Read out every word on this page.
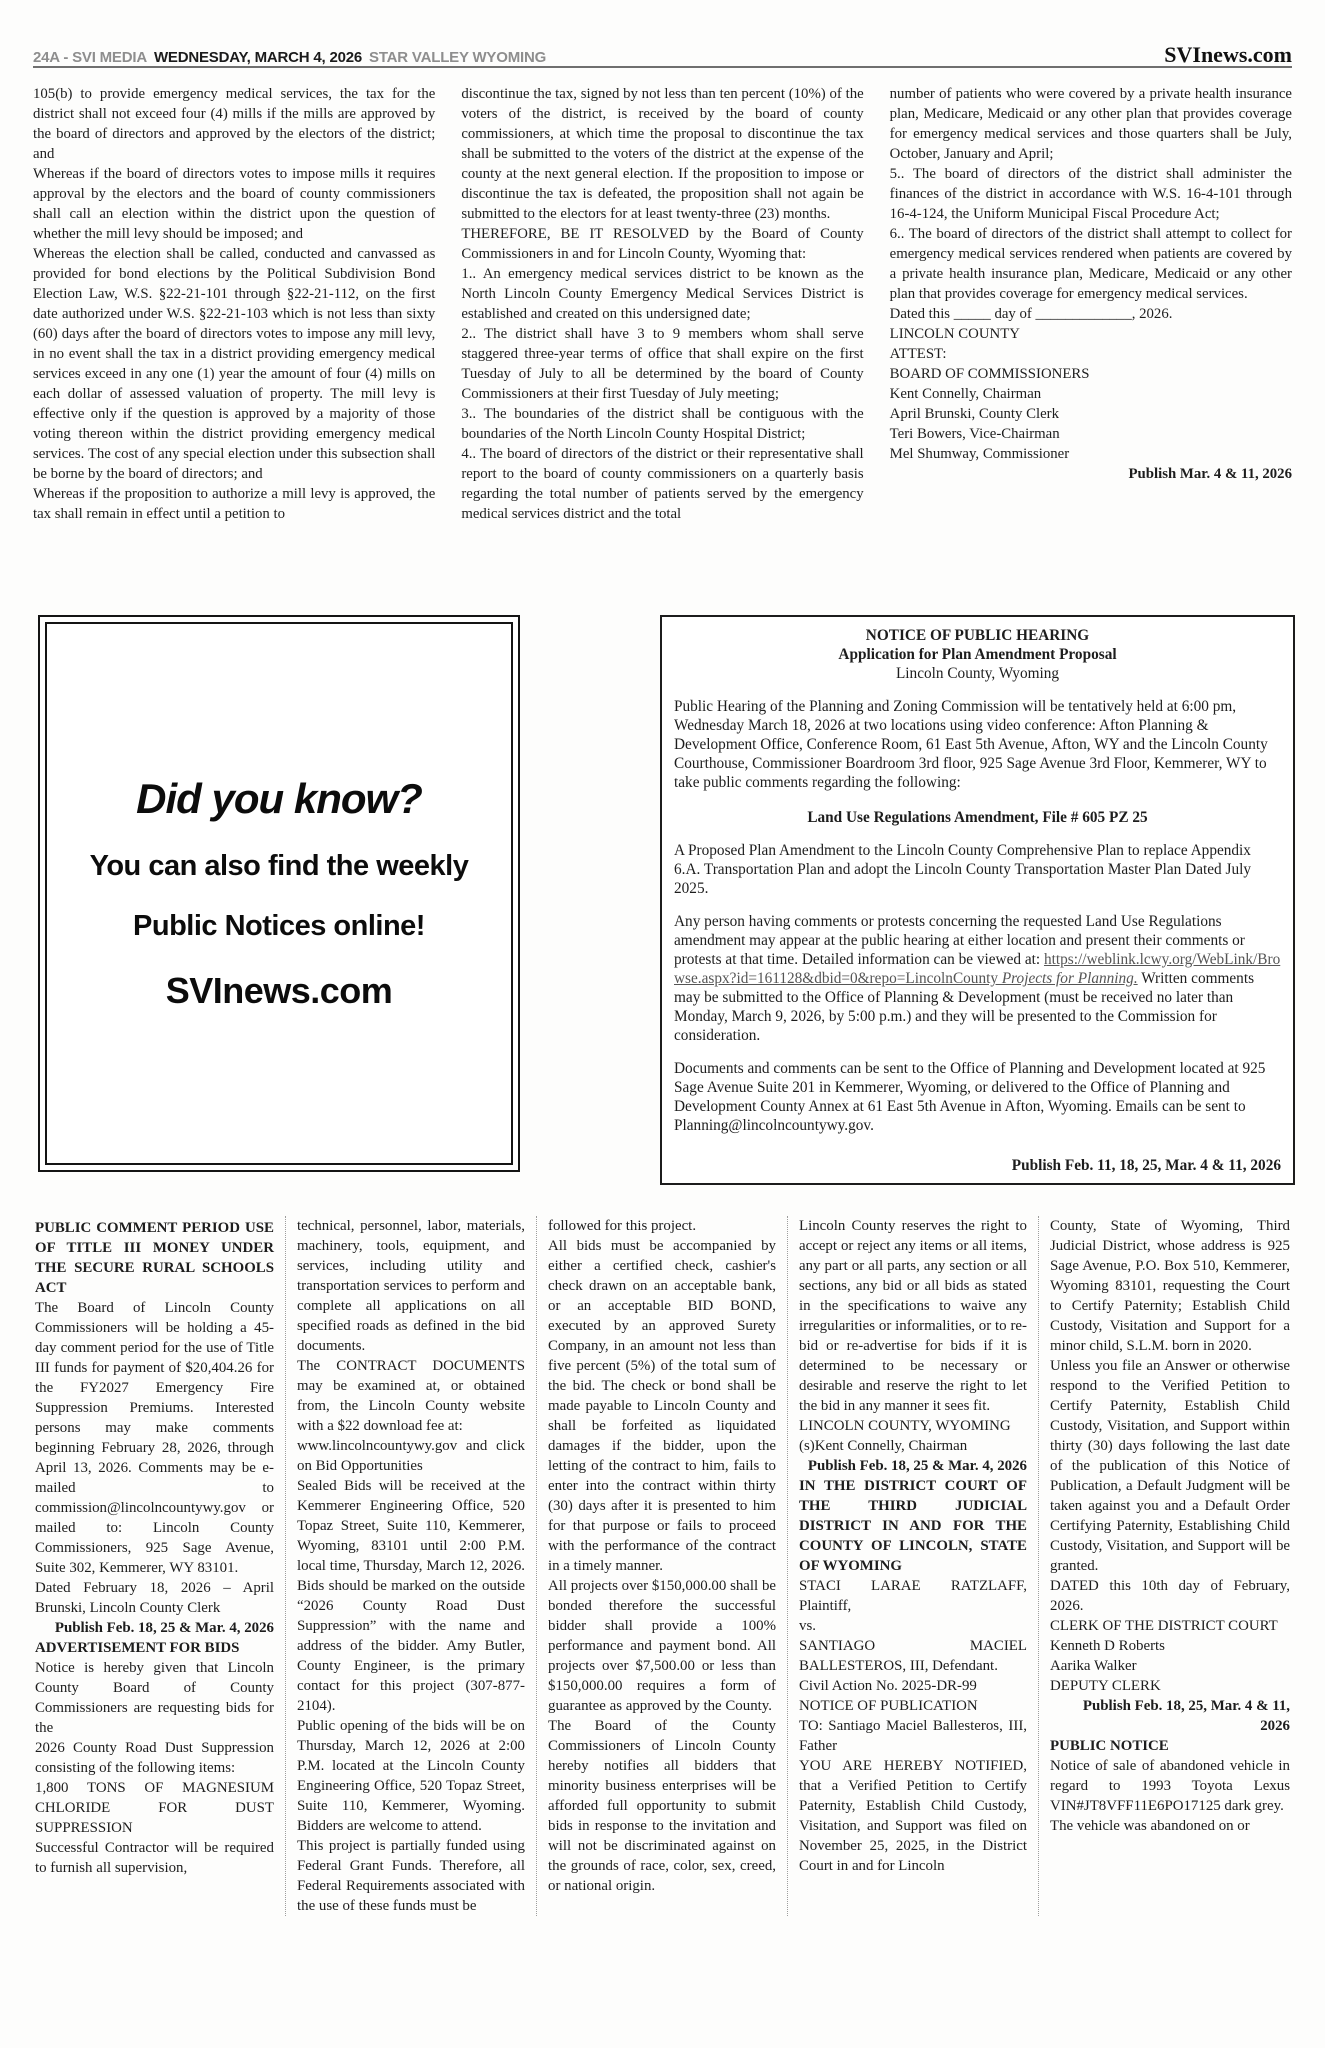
24A - SVI MEDIA WEDNESDAY, MARCH 4, 2026 STAR VALLEY WYOMING	SVInews.com

105(b) to provide emergency medical services, the tax for the district shall not exceed four (4) mills if the mills are approved by the board of directors and approved by the electors of the district; and

Whereas if the board of directors votes to impose mills it requires approval by the electors and the board of county commissioners shall call an election within the district upon the question of whether the mill levy should be imposed; and

Whereas the election shall be called, conducted and canvassed as provided for bond elections by the Political Subdivision Bond Election Law, W.S. §22-21-101 through §22-21-112, on the first date authorized under W.S. §22-21-103 which is not less than sixty (60) days after the board of directors votes to impose any mill levy, in no event shall the tax in a district providing emergency medical services exceed in any one (1) year the amount of four (4) mills on each dollar of assessed valuation of property. The mill levy is effective only if the question is approved by a majority of those voting thereon within the district providing emergency medical services. The cost of any special election under this subsection shall be borne by the board of directors; and

Whereas if the proposition to authorize a mill levy is approved, the tax shall remain in effect until a petition to

discontinue the tax, signed by not less than ten percent (10%) of the voters of the district, is received by the board of county commissioners, at which time the proposal to discontinue the tax shall be submitted to the voters of the district at the expense of the county at the next general election. If the proposition to impose or discontinue the tax is defeated, the proposition shall not again be submitted to the electors for at least twenty-three (23) months.

THEREFORE, BE IT RESOLVED by the Board of County Commissioners in and for Lincoln County, Wyoming that:

1.. An emergency medical services district to be known as the North Lincoln County Emergency Medical Services District is established and created on this undersigned date;

2.. The district shall have 3 to 9 members whom shall serve staggered three-year terms of office that shall expire on the first Tuesday of July to all be determined by the board of County Commissioners at their first Tuesday of July meeting;

3.. The boundaries of the district shall be contiguous with the boundaries of the North Lincoln County Hospital District;

4.. The board of directors of the district or their representative shall report to the board of county commissioners on a quarterly basis regarding the total number of patients served by the emergency medical services district and the total

number of patients who were covered by a private health insurance plan, Medicare, Medicaid or any other plan that provides coverage for emergency medical services and those quarters shall be July, October, January and April;

5.. The board of directors of the district shall administer the finances of the district in accordance with W.S. 16-4-101 through 16-4-124, the Uniform Municipal Fiscal Procedure Act;

6.. The board of directors of the district shall attempt to collect for emergency medical services rendered when patients are covered by a private health insurance plan, Medicare, Medicaid or any other plan that provides coverage for emergency medical services.

Dated this _____ day of _____________, 2026.

LINCOLN COUNTY

ATTEST:

BOARD OF COMMISSIONERS

Kent Connelly, Chairman

April Brunski, County Clerk

Teri Bowers, Vice-Chairman

Mel Shumway, Commissioner

Publish Mar. 4 & 11, 2026

Did you know?
You can also find the weekly
Public Notices online!
SVInews.com
NOTICE OF PUBLIC HEARING
Application for Plan Amendment Proposal
Lincoln County, Wyoming

Public Hearing of the Planning and Zoning Commission will be tentatively held at 6:00 pm, Wednesday March 18, 2026 at two locations using video conference: Afton Planning & Development Office, Conference Room, 61 East 5th Avenue, Afton, WY and the Lincoln County Courthouse, Commissioner Boardroom 3rd floor, 925 Sage Avenue 3rd Floor, Kemmerer, WY to take public comments regarding the following:

Land Use Regulations Amendment, File # 605 PZ 25

A Proposed Plan Amendment to the Lincoln County Comprehensive Plan to replace Appendix 6.A. Transportation Plan and adopt the Lincoln County Transportation Master Plan Dated July 2025.

Any person having comments or protests concerning the requested Land Use Regulations amendment may appear at the public hearing at either location and present their comments or protests at that time. Detailed information can be viewed at: https://weblink.lcwy.org/WebLink/Browse.aspx?id=161128&dbid=0&repo=LincolnCounty Projects for Planning. Written comments may be submitted to the Office of Planning & Development (must be received no later than Monday, March 9, 2026, by 5:00 p.m.) and they will be presented to the Commission for consideration.

Documents and comments can be sent to the Office of Planning and Development located at 925 Sage Avenue Suite 201 in Kemmerer, Wyoming, or delivered to the Office of Planning and Development County Annex at 61 East 5th Avenue in Afton, Wyoming. Emails can be sent to Planning@lincolncountywy.gov.

Publish Feb. 11, 18, 25, Mar. 4 & 11, 2026

PUBLIC COMMENT PERIOD USE OF TITLE III MONEY UNDER THE SECURE RURAL SCHOOLS ACT

The Board of Lincoln County Commissioners will be holding a 45-day comment period for the use of Title III funds for payment of $20,404.26 for the FY2027 Emergency Fire Suppression Premiums. Interested persons may make comments beginning February 28, 2026, through April 13, 2026. Comments may be e-mailed to commission@lincolncountywy.gov or mailed to: Lincoln County Commissioners, 925 Sage Avenue, Suite 302, Kemmerer, WY 83101.

Dated February 18, 2026 – April Brunski, Lincoln County Clerk

Publish Feb. 18, 25 & Mar. 4, 2026

ADVERTISEMENT FOR BIDS

Notice is hereby given that Lincoln County Board of County Commissioners are requesting bids for the

2026 County Road Dust Suppression consisting of the following items:

1,800 TONS OF MAGNESIUM CHLORIDE FOR DUST SUPPRESSION

Successful Contractor will be required to furnish all supervision,

technical, personnel, labor, materials, machinery, tools, equipment, and services, including utility and transportation services to perform and complete all applications on all specified roads as defined in the bid documents.

The CONTRACT DOCUMENTS may be examined at, or obtained from, the Lincoln County website with a $22 download fee at:

www.lincolncountywy.gov and click on Bid Opportunities

Sealed Bids will be received at the Kemmerer Engineering Office, 520 Topaz Street, Suite 110, Kemmerer, Wyoming, 83101 until 2:00 P.M. local time, Thursday, March 12, 2026. Bids should be marked on the outside “2026 County Road Dust Suppression” with the name and address of the bidder. Amy Butler, County Engineer, is the primary contact for this project (307-877-2104).

Public opening of the bids will be on Thursday, March 12, 2026 at 2:00 P.M. located at the Lincoln County Engineering Office, 520 Topaz Street, Suite 110, Kemmerer, Wyoming. Bidders are welcome to attend.

This project is partially funded using Federal Grant Funds. Therefore, all Federal Requirements associated with the use of these funds must be

followed for this project.

All bids must be accompanied by either a certified check, cashier's check drawn on an acceptable bank, or an acceptable BID BOND, executed by an approved Surety Company, in an amount not less than five percent (5%) of the total sum of the bid. The check or bond shall be made payable to Lincoln County and shall be forfeited as liquidated damages if the bidder, upon the letting of the contract to him, fails to enter into the contract within thirty (30) days after it is presented to him for that purpose or fails to proceed with the performance of the contract in a timely manner.

All projects over $150,000.00 shall be bonded therefore the successful bidder shall provide a 100% performance and payment bond. All projects over $7,500.00 or less than $150,000.00 requires a form of guarantee as approved by the County.

The Board of the County Commissioners of Lincoln County hereby notifies all bidders that minority business enterprises will be afforded full opportunity to submit bids in response to the invitation and will not be discriminated against on the grounds of race, color, sex, creed, or national origin.

Lincoln County reserves the right to accept or reject any items or all items, any part or all parts, any section or all sections, any bid or all bids as stated in the specifications to waive any irregularities or informalities, or to re-bid or re-advertise for bids if it is determined to be necessary or desirable and reserve the right to let the bid in any manner it sees fit.

LINCOLN COUNTY, WYOMING

(s)Kent Connelly, Chairman

Publish Feb. 18, 25 & Mar. 4, 2026

IN THE DISTRICT COURT OF THE THIRD JUDICIAL DISTRICT IN AND FOR THE COUNTY OF LINCOLN, STATE OF WYOMING

STACI LARAE RATZLAFF, Plaintiff,

vs.

SANTIAGO MACIEL BALLESTEROS, III, Defendant.

Civil Action No. 2025-DR-99

NOTICE OF PUBLICATION

TO: Santiago Maciel Ballesteros, III, Father

YOU ARE HEREBY NOTIFIED, that a Verified Petition to Certify Paternity, Establish Child Custody, Visitation, and Support was filed on November 25, 2025, in the District Court in and for Lincoln

County, State of Wyoming, Third Judicial District, whose address is 925 Sage Avenue, P.O. Box 510, Kemmerer, Wyoming 83101, requesting the Court to Certify Paternity; Establish Child Custody, Visitation and Support for a minor child, S.L.M. born in 2020.

Unless you file an Answer or otherwise respond to the Verified Petition to Certify Paternity, Establish Child Custody, Visitation, and Support within thirty (30) days following the last date of the publication of this Notice of Publication, a Default Judgment will be taken against you and a Default Order Certifying Paternity, Establishing Child Custody, Visitation, and Support will be granted.

DATED this 10th day of February, 2026.

CLERK OF THE DISTRICT COURT

Kenneth D Roberts

Aarika Walker

DEPUTY CLERK

Publish Feb. 18, 25, Mar. 4 & 11, 2026

PUBLIC NOTICE

Notice of sale of abandoned vehicle in regard to 1993 Toyota Lexus VIN#JT8VFF11E6PO17125 dark grey.

The vehicle was abandoned on or
